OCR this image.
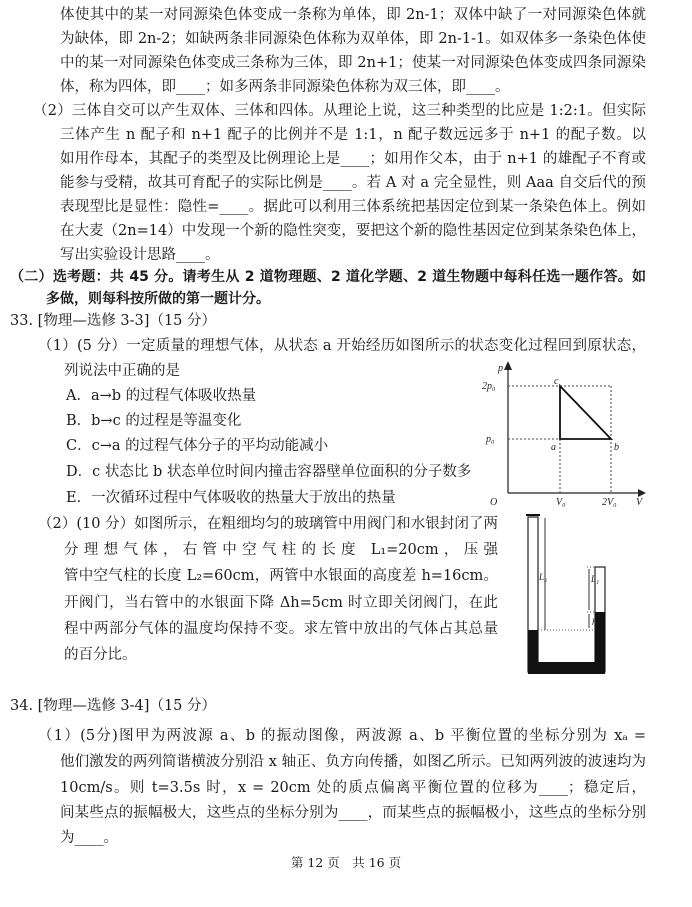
体使其中的某一对同源染色体变成一条称为单体，即 2n-1；双体中缺了一对同源染色体就
为缺体，即 2n-2；如缺两条非同源染色体称为双单体，即 2n-1-1。如双体多一条染色体使
中的某一对同源染色体变成三条称为三体，即 2n+1；使某一对同源染色体变成四条同源染
体，称为四体，即____；如多两条非同源染色体称为双三体，即____。
（2）三体自交可以产生双体、三体和四体。从理论上说，这三种类型的比应是 1:2:1。但实际
三体产生 n 配子和 n+1 配子的比例并不是 1:1，n 配子数远远多于 n+1 的配子数。以
如用作母本，其配子的类型及比例理论上是____；如用作父本，由于 n+1 的雄配子不育或
能参与受精，故其可育配子的实际比例是____。若 A 对 a 完全显性，则 Aaa 自交后代的预
表现型比是显性：隐性=____。据此可以利用三体系统把基因定位到某一条染色体上。例如
在大麦（2n=14）中发现一个新的隐性突变，要把这个新的隐性基因定位到某条染色体上，
写出实验设计思路____。
（二）选考题：共 45 分。请考生从 2 道物理题、2 道化学题、2 道生物题中每科任选一题作答。如
多做，则每科按所做的第一题计分。
33. [物理—选修 3-3]（15 分）
（1）(5 分）一定质量的理想气体，从状态 a 开始经历如图所示的状态变化过程回到原状态，
列说法中正确的是
A．a→b 的过程气体吸收热量
B．b→c 的过程是等温变化
C．c→a 的过程气体分子的平均动能减小
D．c 状态比 b 状态单位时间内撞击容器壁单位面积的分子数多
E．一次循环过程中气体吸收的热量大于放出的热量
p
V
O
2p₀
p₀
V₀	2V₀
a	b
c
（2）(10 分）如图所示，在粗细均匀的玻璃管中用阀门和水银封闭了两
分理想气体，右管中空气柱的长度 L₁=20cm，压强
管中空气柱的长度 L₂=60cm，两管中水银面的高度差 h=16cm。
开阀门，当右管中的水银面下降 Δh=5cm 时立即关闭阀门，在此
程中两部分气体的温度均保持不变。求左管中放出的气体占其总量
的百分比。
L₂	L₁
h
34. [物理—选修 3-4]（15 分）
（1）(5分)图甲为两波源 a、b 的振动图像，两波源 a、b 平衡位置的坐标分别为 xₐ =
他们激发的两列简谐横波分别沿 x 轴正、负方向传播，如图乙所示。已知两列波的波速均为
10cm/s。则 t=3.5s 时，x = 20cm 处的质点偏离平衡位置的位移为____；稳定后，
间某些点的振幅极大，这些点的坐标分别为____，而某些点的振幅极小，这些点的坐标分别
为____。
第 12 页　共 16 页
